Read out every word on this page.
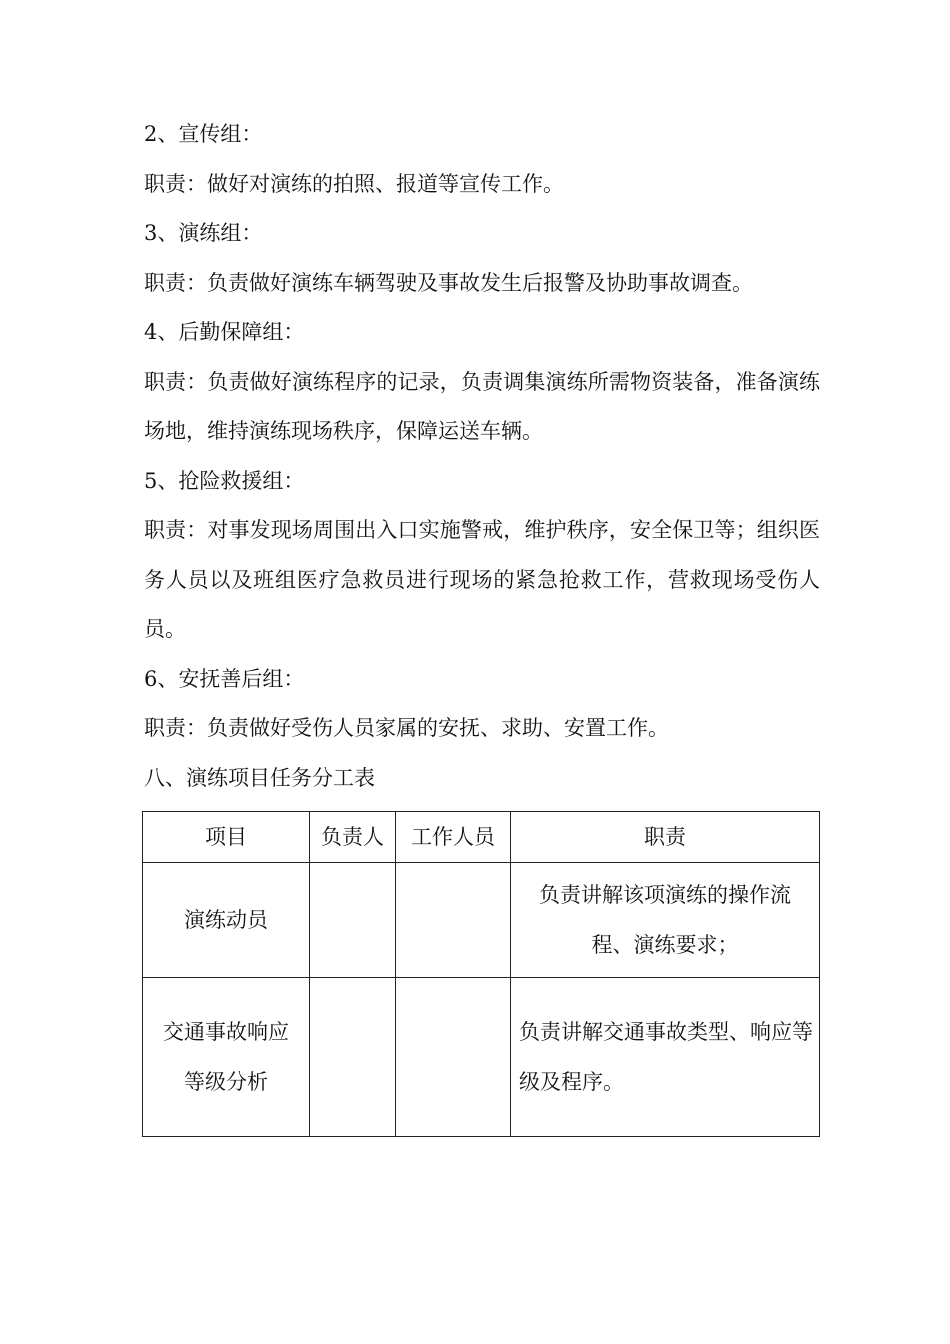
2、宣传组：

职责：做好对演练的拍照、报道等宣传工作。

3、演练组：

职责：负责做好演练车辆驾驶及事故发生后报警及协助事故调查。

4、后勤保障组：

职责：负责做好演练程序的记录，负责调集演练所需物资装备，准备演练场地，维持演练现场秩序，保障运送车辆。

5、抢险救援组：

职责：对事发现场周围出入口实施警戒，维护秩序，安全保卫等；组织医务人员以及班组医疗急救员进行现场的紧急抢救工作，营救现场受伤人员。

6、安抚善后组：

职责：负责做好受伤人员家属的安抚、求助、安置工作。

八、演练项目任务分工表

项目	负责人	工作人员	职责
演练动员			负责讲解该项演练的操作流程、演练要求；
交通事故响应等级分析			负责讲解交通事故类型、响应等级及程序。
